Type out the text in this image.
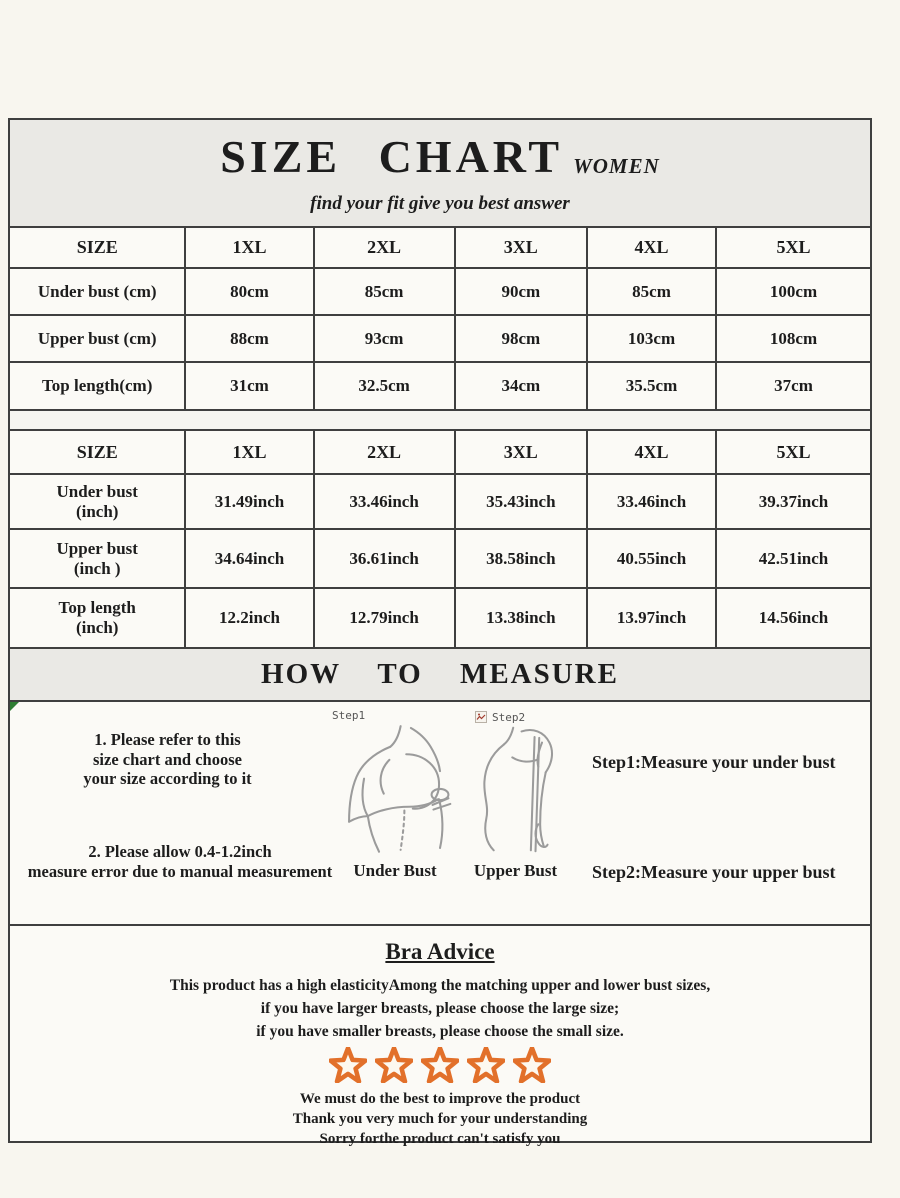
SIZE CHART WOMEN
find your fit give you best answer
SIZE	1XL	2XL	3XL	4XL	5XL
Under bust (cm)	80cm	85cm	90cm	85cm	100cm
Upper bust (cm)	88cm	93cm	98cm	103cm	108cm
Top length(cm)	31cm	32.5cm	34cm	35.5cm	37cm
SIZE	1XL	2XL	3XL	4XL	5XL

Under bust
(inch)	31.49inch	33.46inch	35.43inch	33.46inch	39.37inch

Upper bust
(inch )	34.64inch	36.61inch	38.58inch	40.55inch	42.51inch

Top length
(inch)	12.2inch	12.79inch	13.38inch	13.97inch	14.56inch
HOW TO MEASURE
1. Please refer to this
size chart and choose
your size according to it
2. Please allow 0.4-1.2inch
measure error due to manual measurement
Step1
Under Bust
Step2
Upper Bust
Step1:Measure your under bust
Step2:Measure your upper bust
Bra Advice
This product has a high elasticityAmong the matching upper and lower bust sizes,
if you have larger breasts, please choose the large size;
if you have smaller breasts, please choose the small size.

We must do the best to improve the product
Thank you very much for your understanding
Sorry forthe product can't satisfy you
